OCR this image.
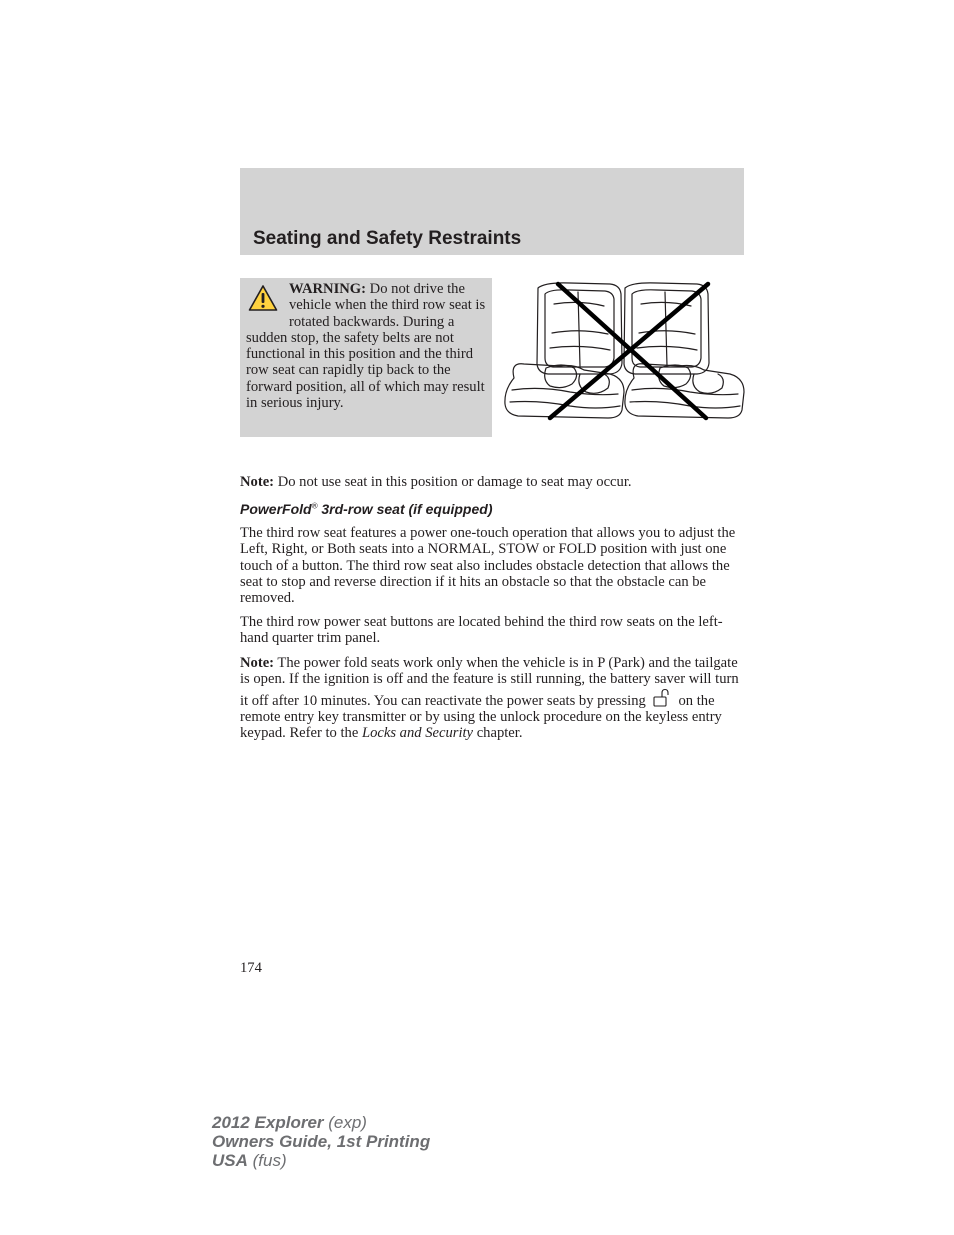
Seating and Safety Restraints

WARNING: Do not drive the vehicle when the third row seat is rotated backwards. During a sudden stop, the safety belts are not functional in this position and the third row seat can rapidly tip back to the forward position, all of which may result in serious injury.

Note: Do not use seat in this position or damage to seat may occur.

PowerFold® 3rd-row seat (if equipped)

The third row seat features a power one-touch operation that allows you to adjust the Left, Right, or Both seats into a NORMAL, STOW or FOLD position with just one touch of a button. The third row seat also includes obstacle detection that allows the seat to stop and reverse direction if it hits an obstacle so that the obstacle can be removed.

The third row power seat buttons are located behind the third row seats on the left-hand quarter trim panel.

Note: The power fold seats work only when the vehicle is in P (Park) and the tailgate is open. If the ignition is off and the feature is still running, the battery saver will turn it off after 10 minutes. You can reactivate the power seats by pressing on the remote entry key transmitter or by using the unlock procedure on the keyless entry keypad. Refer to the Locks and Security chapter.

174
2012 Explorer (exp)
Owners Guide, 1st Printing
USA (fus)
